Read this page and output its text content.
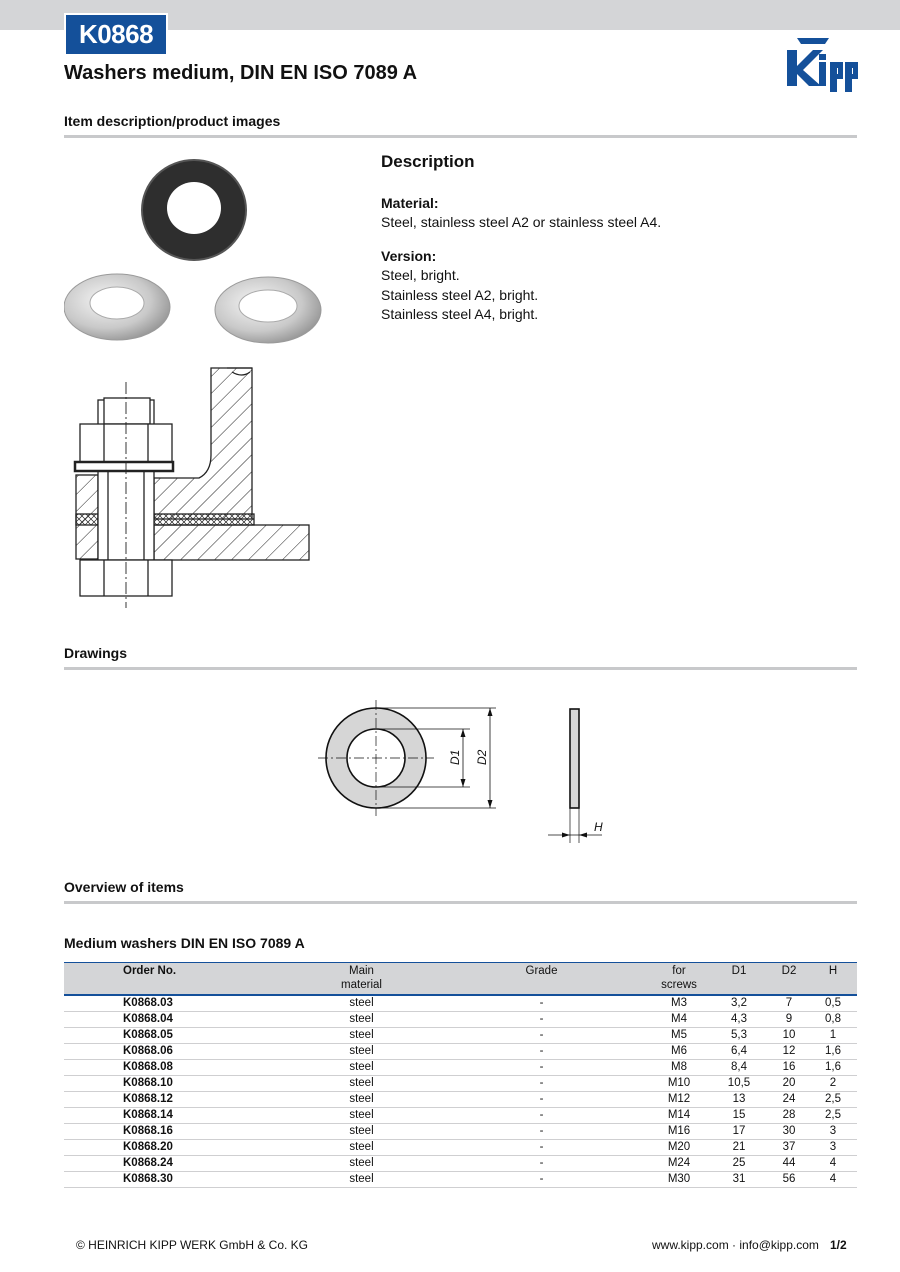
K0868
Washers medium, DIN EN ISO 7089 A
Item description/product images
Description
Material:
Steel, stainless steel A2 or stainless steel A4.
Version:
Steel, bright.
Stainless steel A2, bright.
Stainless steel A4, bright.
Drawings
D1 D2
H
Overview of items
Medium washers DIN EN ISO 7089 A
Order No.	Main
material	Grade	for
screws	D1	D2	H
K0868.03	steel	-	M3	3,2	7	0,5
K0868.04	steel	-	M4	4,3	9	0,8
K0868.05	steel	-	M5	5,3	10	1
K0868.06	steel	-	M6	6,4	12	1,6
K0868.08	steel	-	M8	8,4	16	1,6
K0868.10	steel	-	M10	10,5	20	2
K0868.12	steel	-	M12	13	24	2,5
K0868.14	steel	-	M14	15	28	2,5
K0868.16	steel	-	M16	17	30	3
K0868.20	steel	-	M20	21	37	3
K0868.24	steel	-	M24	25	44	4
K0868.30	steel	-	M30	31	56	4
© HEINRICH KIPP WERK GmbH & Co. KG	www.kipp.com · info@kipp.com 1/2
